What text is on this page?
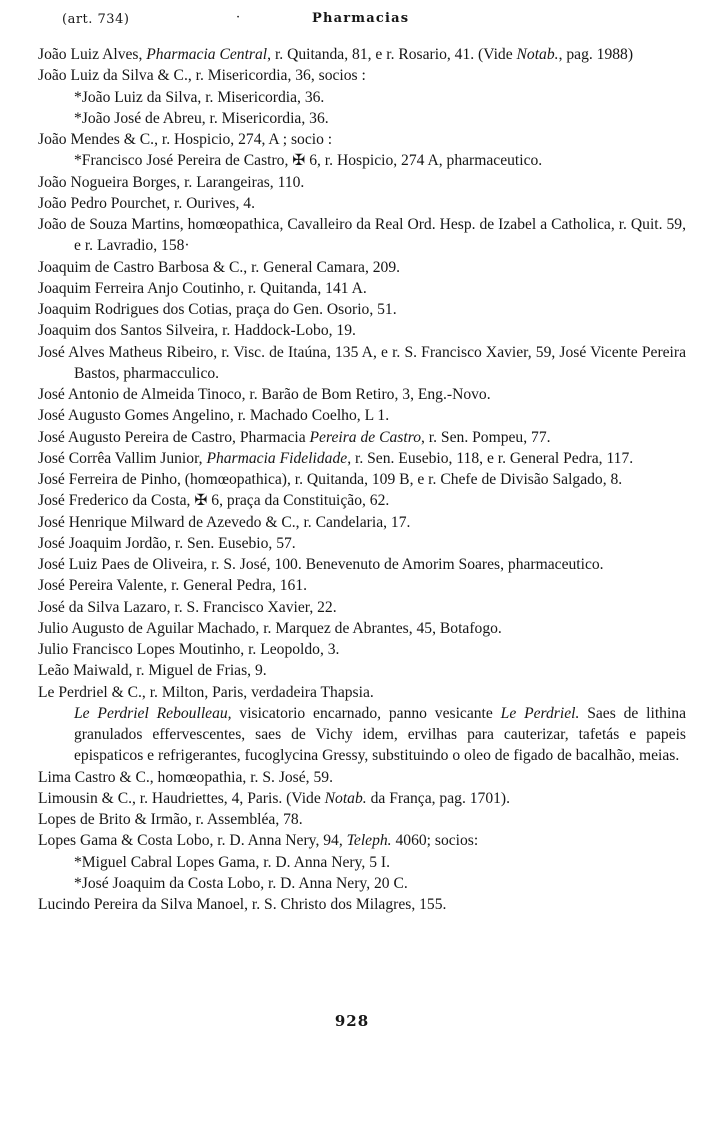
(art. 734)	·	Pharmacias
João Luiz Alves, Pharmacia Central, r. Quitanda, 81, e r. Rosario, 41. (Vide Notab., pag. 1988)
João Luiz da Silva & C., r. Misericordia, 36, socios :
*João Luiz da Silva, r. Misericordia, 36.
*João José de Abreu, r. Misericordia, 36.
João Mendes & C., r. Hospicio, 274, A ; socio :
*Francisco José Pereira de Castro, ✠ 6, r. Hospicio, 274 A, pharmaceutico.
João Nogueira Borges, r. Larangeiras, 110.
João Pedro Pourchet, r. Ourives, 4.
João de Souza Martins, homœopathica, Cavalleiro da Real Ord. Hesp. de Izabel a Catholica, r. Quit. 59, e r. Lavradio, 158·
Joaquim de Castro Barbosa & C., r. General Camara, 209.
Joaquim Ferreira Anjo Coutinho, r. Quitanda, 141 A.
Joaquim Rodrigues dos Cotias, praça do Gen. Osorio, 51.
Joaquim dos Santos Silveira, r. Haddock-Lobo, 19.
José Alves Matheus Ribeiro, r. Visc. de Itaúna, 135 A, e r. S. Francisco Xavier, 59, José Vicente Pereira Bastos, pharmacculico.
José Antonio de Almeida Tinoco, r. Barão de Bom Retiro, 3, Eng.-Novo.
José Augusto Gomes Angelino, r. Machado Coelho, L 1.
José Augusto Pereira de Castro, Pharmacia Pereira de Castro, r. Sen. Pompeu, 77.
José Corrêa Vallim Junior, Pharmacia Fidelidade, r. Sen. Eusebio, 118, e r. General Pedra, 117.
José Ferreira de Pinho, (homœopathica), r. Quitanda, 109 B, e r. Chefe de Divisão Salgado, 8.
José Frederico da Costa, ✠ 6, praça da Constituição, 62.
José Henrique Milward de Azevedo & C., r. Candelaria, 17.
José Joaquim Jordão, r. Sen. Eusebio, 57.
José Luiz Paes de Oliveira, r. S. José, 100. Benevenuto de Amorim Soares, pharmaceutico.
José Pereira Valente, r. General Pedra, 161.
José da Silva Lazaro, r. S. Francisco Xavier, 22.
Julio Augusto de Aguilar Machado, r. Marquez de Abrantes, 45, Botafogo.
Julio Francisco Lopes Moutinho, r. Leopoldo, 3.
Leão Maiwald, r. Miguel de Frias, 9.
Le Perdriel & C., r. Milton, Paris, verdadeira Thapsia.
Le Perdriel Reboulleau, visicatorio encarnado, panno vesicante Le Perdriel. Saes de lithina granulados effervescentes, saes de Vichy idem, ervilhas para cauterizar, tafetás e papeis epispaticos e refrigerantes, fucoglycina Gressy, substituindo o oleo de figado de bacalhão, meias.
Lima Castro & C., homœopathia, r. S. José, 59.
Limousin & C., r. Haudriettes, 4, Paris. (Vide Notab. da França, pag. 1701).
Lopes de Brito & Irmão, r. Assembléa, 78.
Lopes Gama & Costa Lobo, r. D. Anna Nery, 94, Teleph. 4060; socios:
*Miguel Cabral Lopes Gama, r. D. Anna Nery, 5 I.
*José Joaquim da Costa Lobo, r. D. Anna Nery, 20 C.
Lucindo Pereira da Silva Manoel, r. S. Christo dos Milagres, 155.
928
